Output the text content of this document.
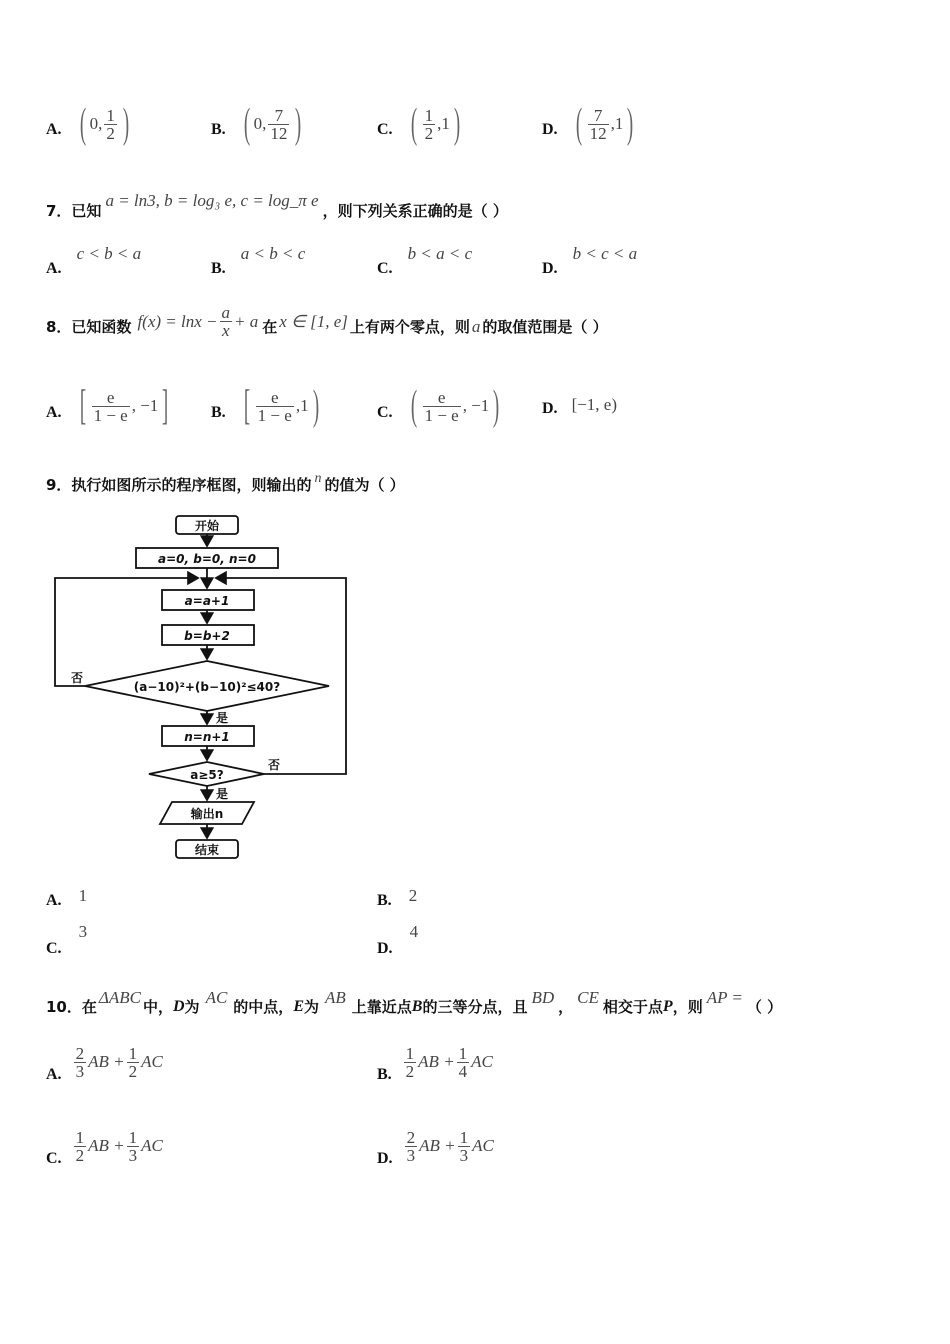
A. ( 0, $\frac{1}{2}$ )	B. ( 0, $\frac{7}{12}$ )	C. ( $\frac{1}{2} ,1$ )	D. ( $\frac{7}{12} ,1$ )
7．已知
a = ln3, b = log₃ e, c = log_π e
，则下列关系正确的是（ ）
A. c < b < a
B. a < b < c
C. b < a < c
D. b < c < a
8．已知函数 $f(x) = \ln x - \frac{a}{x} + a$ 在 x ∈ [1, e] 上有两个零点，则 a 的取值范围是（ ）
A. [ $\frac{e}{1 - e}$ , −1 ]	B. [ $\frac{e}{1 - e} ,1$ )	C. ( $\frac{e}{1 - e}$ , −1 )	D. [−1, e)
9．执行如图所示的程序框图，则输出的 n 的值为（ ）
开始
a=0, b=0, n=0
a=a+1
b=b+2
(a−10)²+(b−10)²≤40?
否
是
n=n+1
a≥5?
否
是
输出n
结束
A. 1	B. 2
C. 3
D. 4
10．在
ΔABC
中， D 为
AC
的中点， E 为
AB
上靠近点 B 的三等分点，且
BD
，
CE
相交于点 P ，则
AP =
（ ）
A. $\frac{2}{3}$ AB + $\frac{1}{2}$ AC
B. $\frac{1}{2}$ AB + $\frac{1}{4}$ AC
C. $\frac{1}{2}$ AB + $\frac{1}{3}$ AC
D. $\frac{2}{3}$ AB + $\frac{1}{3}$ AC
